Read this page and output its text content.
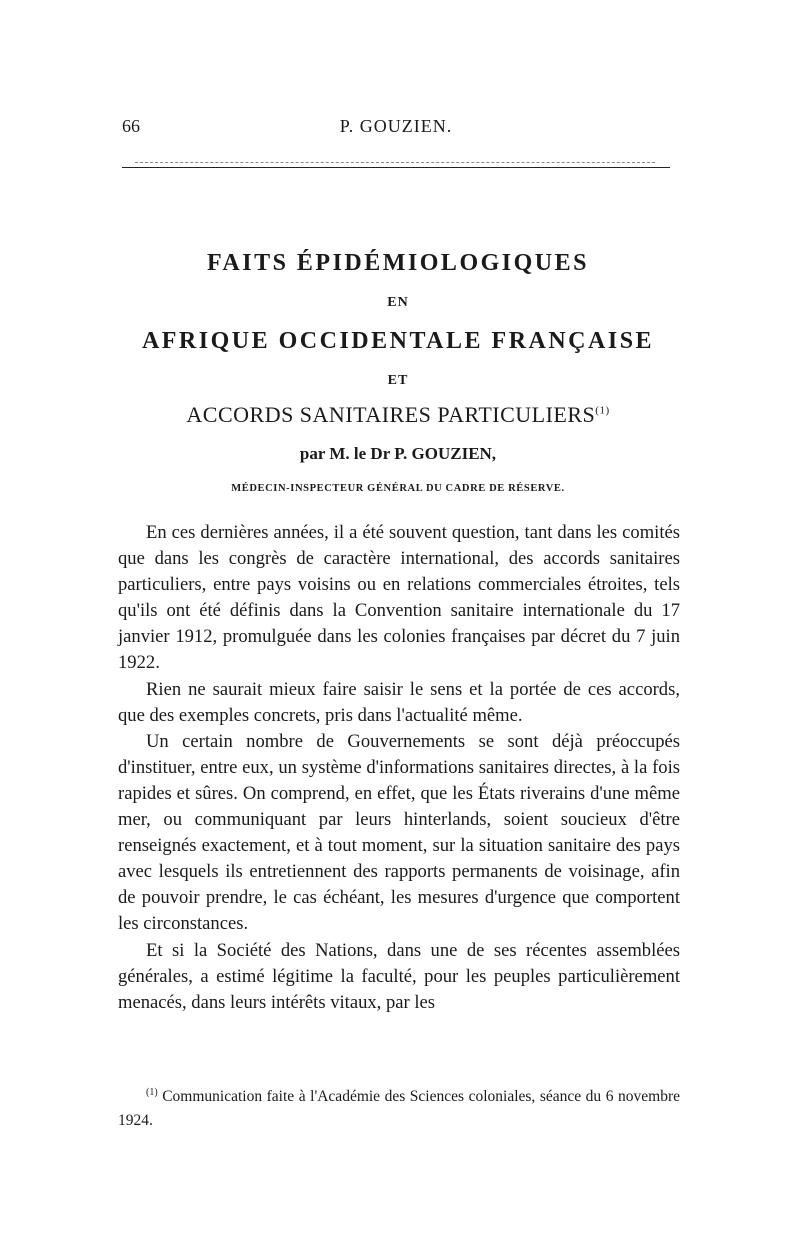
66	P. GOUZIEN.
FAITS ÉPIDÉMIOLOGIQUES
EN
AFRIQUE OCCIDENTALE FRANÇAISE
ET
ACCORDS SANITAIRES PARTICULIERS$^{(1)}$
par M. le Dr P. GOUZIEN,
MÉDECIN-INSPECTEUR GÉNÉRAL DU CADRE DE RÉSERVE.

En ces dernières années, il a été souvent question, tant dans les comités que dans les congrès de caractère international, des accords sanitaires particuliers, entre pays voisins ou en relations commerciales étroites, tels qu'ils ont été définis dans la Convention sanitaire internationale du 17 janvier 1912, promulguée dans les colonies françaises par décret du 7 juin 1922.

Rien ne saurait mieux faire saisir le sens et la portée de ces accords, que des exemples concrets, pris dans l'actualité même.

Un certain nombre de Gouvernements se sont déjà préoccupés d'instituer, entre eux, un système d'informations sanitaires directes, à la fois rapides et sûres. On comprend, en effet, que les États riverains d'une même mer, ou communiquant par leurs hinterlands, soient soucieux d'être renseignés exactement, et à tout moment, sur la situation sanitaire des pays avec lesquels ils entretiennent des rapports permanents de voisinage, afin de pouvoir prendre, le cas échéant, les mesures d'urgence que comportent les circonstances.

Et si la Société des Nations, dans une de ses récentes assemblées générales, a estimé légitime la faculté, pour les peuples particulièrement menacés, dans leurs intérêts vitaux, par les

$^{(1)}$ Communication faite à l'Académie des Sciences coloniales, séance du 6 novembre 1924.
